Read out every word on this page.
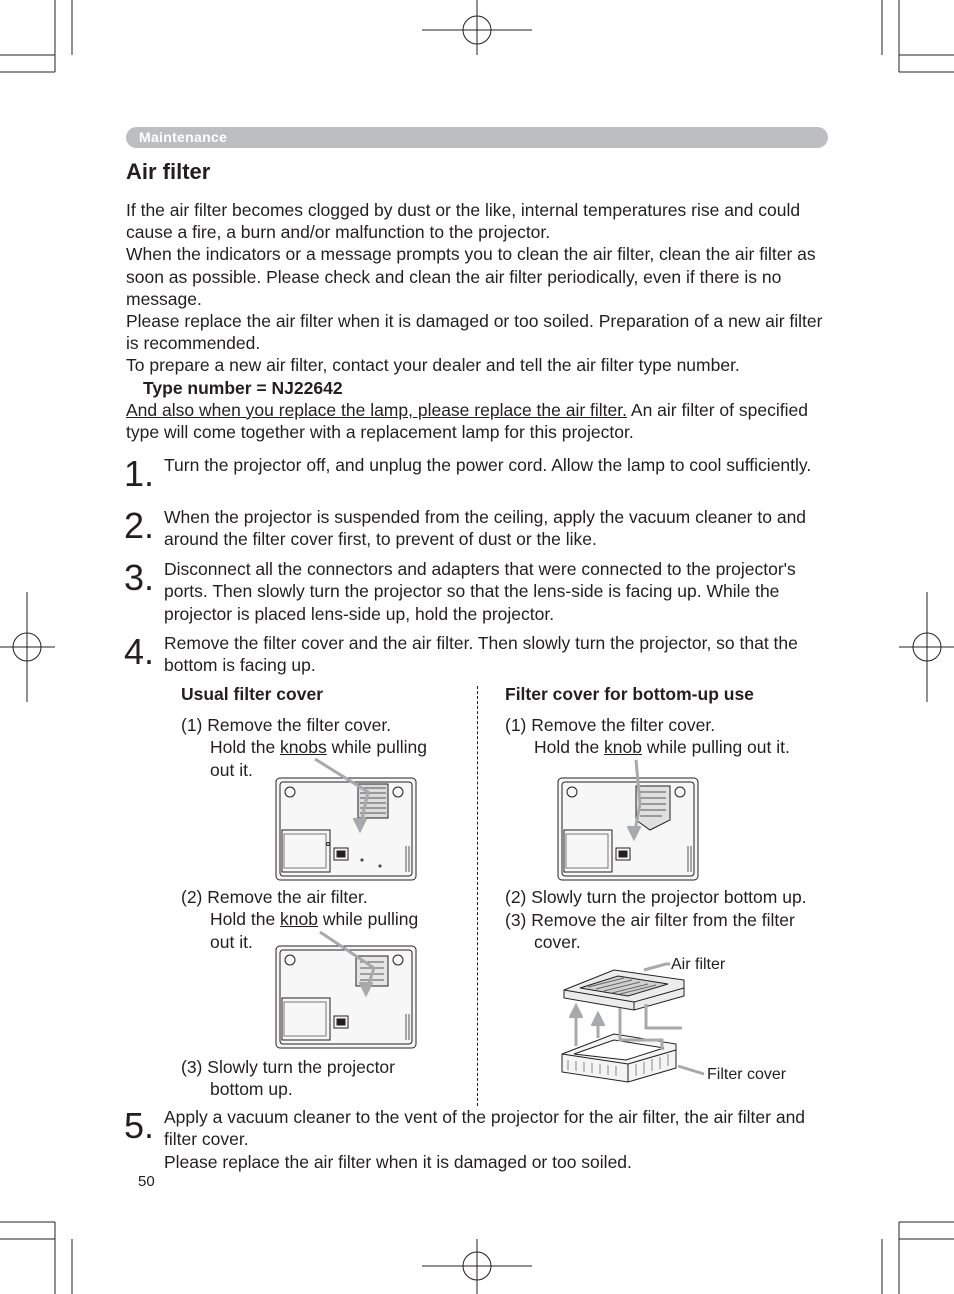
Maintenance
Air filter

If the air filter becomes clogged by dust or the like, internal temperatures rise and could cause a fire, a burn and/or malfunction to the projector.

When the indicators or a message prompts you to clean the air filter, clean the air filter as soon as possible. Please check and clean the air filter periodically, even if there is no message.

Please replace the air filter when it is damaged or too soiled. Preparation of a new air filter is recommended.

To prepare a new air filter, contact your dealer and tell the air filter type number.

Type number = NJ22642

And also when you replace the lamp, please replace the air filter. An air filter of specified type will come together with a replacement lamp for this projector.

1. Turn the projector off, and unplug the power cord. Allow the lamp to cool sufficiently.
2. When the projector is suspended from the ceiling, apply the vacuum cleaner to and around the filter cover first, to prevent of dust or the like.
3. Disconnect all the connectors and adapters that were connected to the projector's ports. Then slowly turn the projector so that the lens-side is facing up. While the projector is placed lens-side up, hold the projector.
4. Remove the filter cover and the air filter. Then slowly turn the projector, so that the bottom is facing up.
Usual filter cover
(1) Remove the filter cover.
Hold the knobs while pulling
out it.
(2) Remove the air filter.
Hold the knob while pulling
out it.
(3) Slowly turn the projector
bottom up.
Filter cover for bottom-up use
(1) Remove the filter cover.
Hold the knob while pulling out it.
(2) Slowly turn the projector bottom up.
(3) Remove the air filter from the filter
cover.
Air filter
Filter cover
5. Apply a vacuum cleaner to the vent of the projector for the air filter, the air filter and filter cover.

Please replace the air filter when it is damaged or too soiled.

50
